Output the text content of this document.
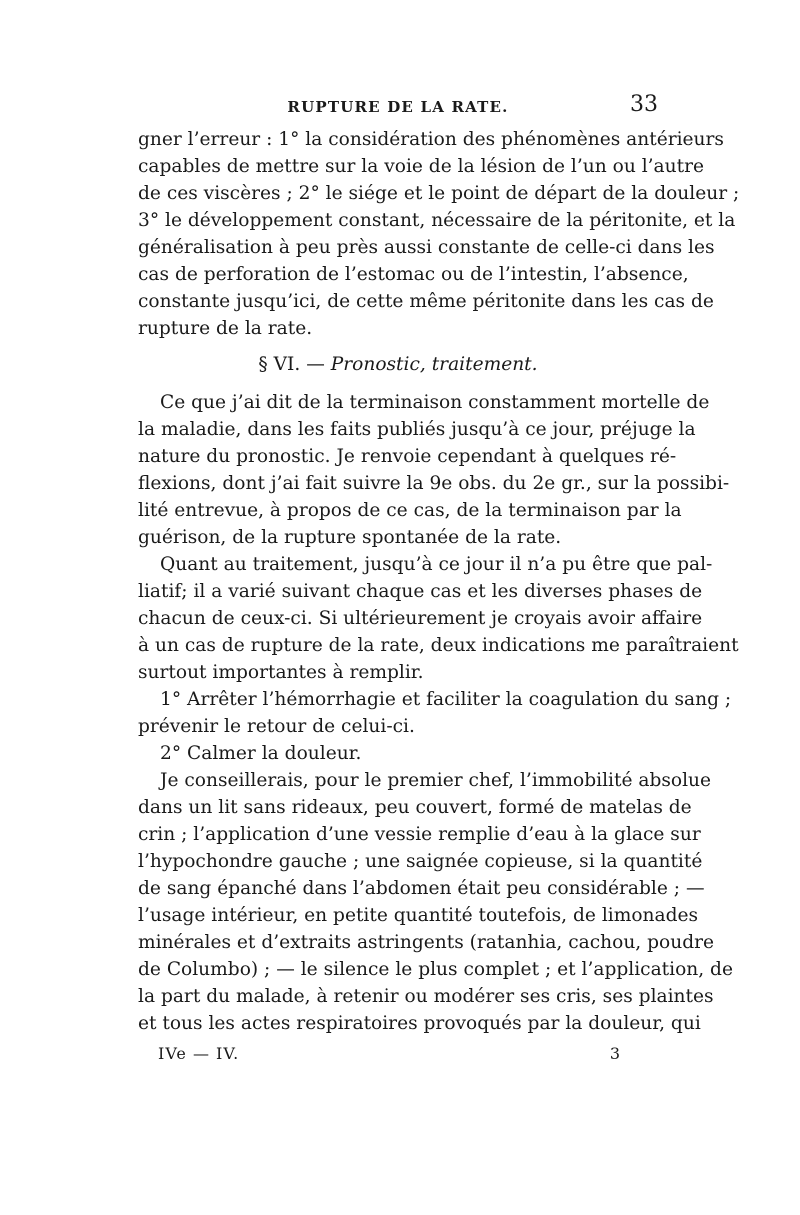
RUPTURE DE LA RATE.	33
gner l’erreur : 1° la considération des phénomènes antérieurs
capables de mettre sur la voie de la lésion de l’un ou l’autre
de ces viscères ; 2° le siége et le point de départ de la douleur ;
3° le développement constant, nécessaire de la péritonite, et la
généralisation à peu près aussi constante de celle-ci dans les
cas de perforation de l’estomac ou de l’intestin, l’absence,
constante jusqu’ici, de cette même péritonite dans les cas de
rupture de la rate.
§ VI. — Pronostic, traitement.
Ce que j’ai dit de la terminaison constamment mortelle de
la maladie, dans les faits publiés jusqu’à ce jour, préjuge la
nature du pronostic. Je renvoie cependant à quelques ré-
flexions, dont j’ai fait suivre la 9e obs. du 2e gr., sur la possibi-
lité entrevue, à propos de ce cas, de la terminaison par la
guérison, de la rupture spontanée de la rate.
Quant au traitement, jusqu’à ce jour il n’a pu être que pal-
liatif; il a varié suivant chaque cas et les diverses phases de
chacun de ceux-ci. Si ultérieurement je croyais avoir affaire
à un cas de rupture de la rate, deux indications me paraîtraient
surtout importantes à remplir.
1° Arrêter l’hémorrhagie et faciliter la coagulation du sang ;
prévenir le retour de celui-ci.
2° Calmer la douleur.
Je conseillerais, pour le premier chef, l’immobilité absolue
dans un lit sans rideaux, peu couvert, formé de matelas de
crin ; l’application d’une vessie remplie d’eau à la glace sur
l’hypochondre gauche ; une saignée copieuse, si la quantité
de sang épanché dans l’abdomen était peu considérable ; —
l’usage intérieur, en petite quantité toutefois, de limonades
minérales et d’extraits astringents (ratanhia, cachou, poudre
de Columbo) ; — le silence le plus complet ; et l’application, de
la part du malade, à retenir ou modérer ses cris, ses plaintes
et tous les actes respiratoires provoqués par la douleur, qui
IVe — IV.	3
